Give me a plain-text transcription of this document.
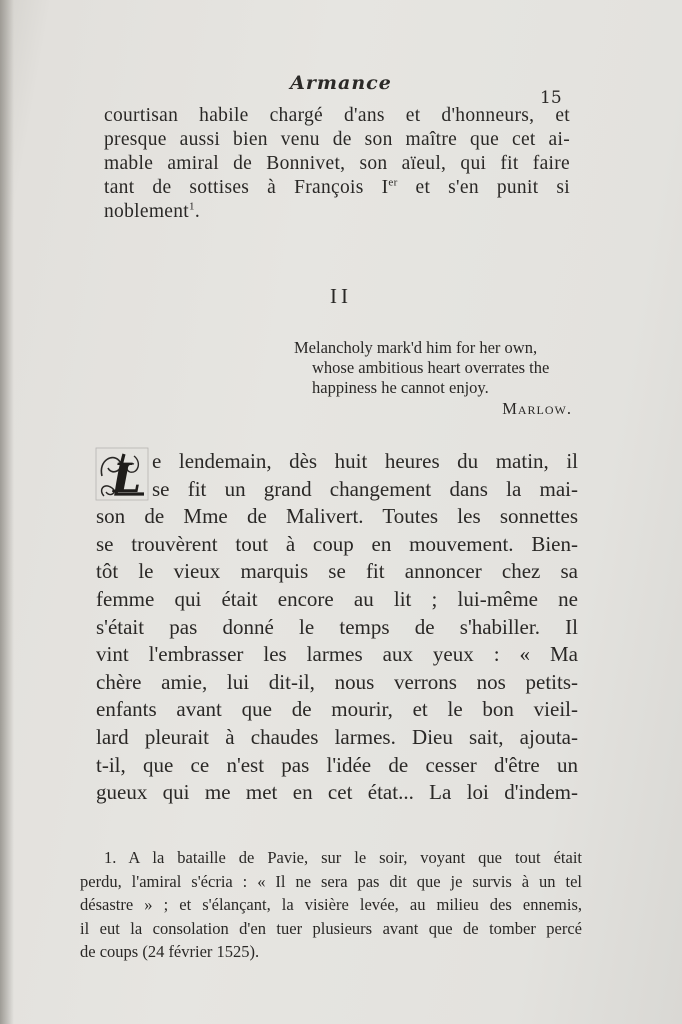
Armance
15
courtisan habile chargé d'ans et d'honneurs, et
presque aussi bien venu de son maître que cet ai-
mable amiral de Bonnivet, son aïeul, qui fit faire
tant de sottises à François Ier et s'en punit si
noblement$^1$.
II
Melancholy mark'd him for her own,
whose ambitious heart overrates the
happiness he cannot enjoy.
Marlow.
L e lendemain, dès huit heures du matin, il
se fit un grand changement dans la mai-
son de Mme de Malivert. Toutes les sonnettes
se trouvèrent tout à coup en mouvement. Bien-
tôt le vieux marquis se fit annoncer chez sa
femme qui était encore au lit ; lui-même ne
s'était pas donné le temps de s'habiller. Il
vint l'embrasser les larmes aux yeux : « Ma
chère amie, lui dit-il, nous verrons nos petits-
enfants avant que de mourir, et le bon vieil-
lard pleurait à chaudes larmes. Dieu sait, ajouta-
t-il, que ce n'est pas l'idée de cesser d'être un
gueux qui me met en cet état... La loi d'indem-
1. A la bataille de Pavie, sur le soir, voyant que tout était
perdu, l'amiral s'écria : « Il ne sera pas dit que je survis à un tel
désastre » ; et s'élançant, la visière levée, au milieu des ennemis,
il eut la consolation d'en tuer plusieurs avant que de tomber percé
de coups (24 février 1525).
